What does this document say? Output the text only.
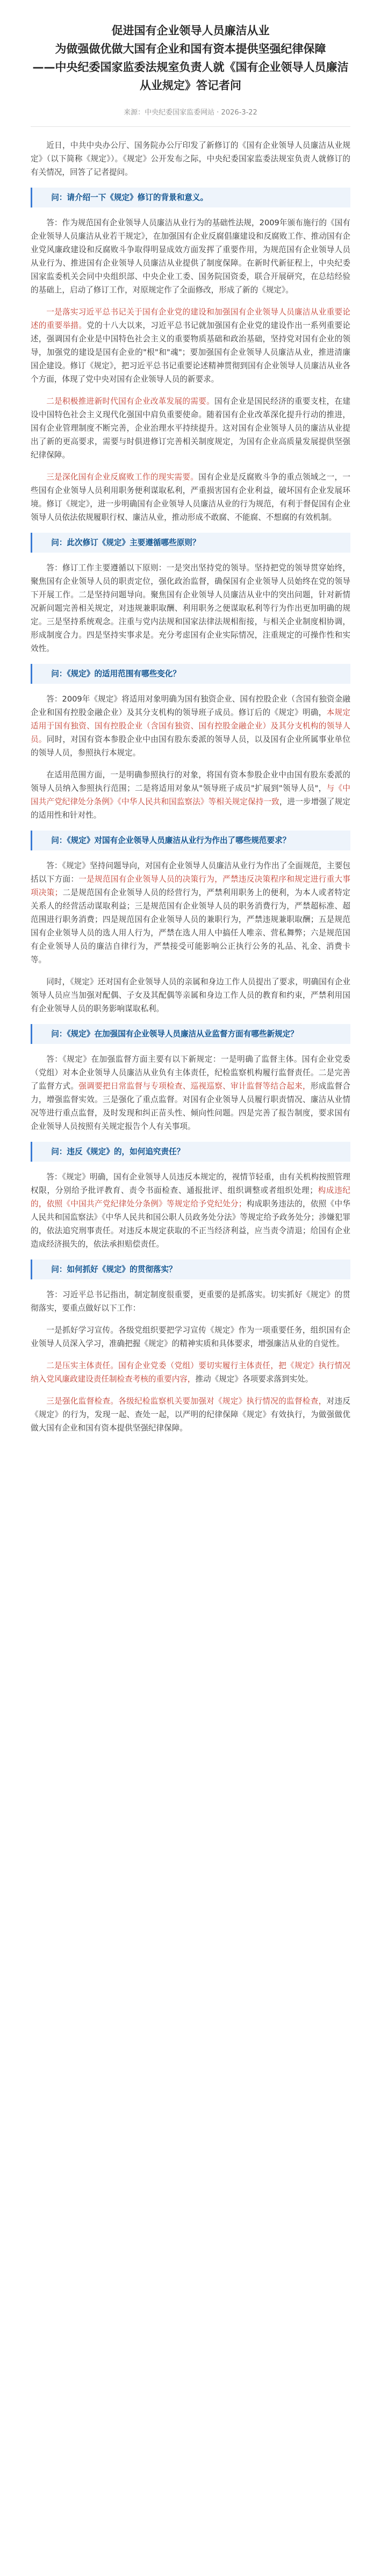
促进国有企业领导人员廉洁从业
为做强做优做大国有企业和国有资本提供坚强纪律保障
——中央纪委国家监委法规室负责人就《国有企业领导人员廉洁从业规定》答记者问
来源：中央纪委国家监委网站 · 2026-3-22

近日，中共中央办公厅、国务院办公厅印发了新修订的《国有企业领导人员廉洁从业规定》（以下简称《规定》）。《规定》公开发布之际，中央纪委国家监委法规室负责人就修订的有关情况，回答了记者提问。

问：请介绍一下《规定》修订的背景和意义。

答：作为规范国有企业领导人员廉洁从业行为的基础性法规，2009年颁布施行的《国有企业领导人员廉洁从业若干规定》，在加强国有企业反腐倡廉建设和反腐败工作、推动国有企业党风廉政建设和反腐败斗争取得明显成效方面发挥了重要作用，为规范国有企业领导人员从业行为、推进国有企业领导人员廉洁从业提供了制度保障。在新时代新征程上，中央纪委国家监委机关会同中央组织部、中央企业工委、国务院国资委，联合开展研究，在总结经验的基础上，启动了修订工作，对原规定作了全面修改，形成了新的《规定》。

一是落实习近平总书记关于国有企业党的建设和加强国有企业领导人员廉洁从业重要论述的重要举措。党的十八大以来，习近平总书记就加强国有企业党的建设作出一系列重要论述，强调国有企业是中国特色社会主义的重要物质基础和政治基础，坚持党对国有企业的领导，加强党的建设是国有企业的"根"和"魂"；要加强国有企业领导人员廉洁从业，推进清廉国企建设。修订《规定》，把习近平总书记重要论述精神贯彻到国有企业领导人员廉洁从业各个方面，体现了党中央对国有企业领导人员的新要求。

二是积极推进新时代国有企业改革发展的需要。国有企业是国民经济的重要支柱，在建设中国特色社会主义现代化强国中肩负重要使命。随着国有企业改革深化提升行动的推进，国有企业管理制度不断完善，企业治理水平持续提升。这对国有企业领导人员的廉洁从业提出了新的更高要求，需要与时俱进修订完善相关制度规定，为国有企业高质量发展提供坚强纪律保障。

三是深化国有企业反腐败工作的现实需要。国有企业是反腐败斗争的重点领域之一，一些国有企业领导人员利用职务便利谋取私利，严重损害国有企业利益，破坏国有企业发展环境。修订《规定》，进一步明确国有企业领导人员廉洁从业的行为规范，有利于督促国有企业领导人员依法依规履职行权、廉洁从业，推动形成不敢腐、不能腐、不想腐的有效机制。

问：此次修订《规定》主要遵循哪些原则？

答：修订工作主要遵循以下原则：一是突出坚持党的领导。坚持把党的领导贯穿始终，聚焦国有企业领导人员的职责定位，强化政治监督，确保国有企业领导人员始终在党的领导下开展工作。二是坚持问题导向。聚焦国有企业领导人员廉洁从业中的突出问题，针对新情况新问题完善相关规定，对违规兼职取酬、利用职务之便谋取私利等行为作出更加明确的规定。三是坚持系统观念。注重与党内法规和国家法律法规相衔接，与相关企业制度相协调，形成制度合力。四是坚持实事求是。充分考虑国有企业实际情况，注重规定的可操作性和实效性。

问：《规定》的适用范围有哪些变化？

答：2009年《规定》将适用对象明确为国有独资企业、国有控股企业（含国有独资金融企业和国有控股金融企业）及其分支机构的领导班子成员。修订后的《规定》明确，本规定适用于国有独资、国有控股企业（含国有独资、国有控股金融企业）及其分支机构的领导人员。同时，对国有资本参股企业中由国有股东委派的领导人员，以及国有企业所属事业单位的领导人员，参照执行本规定。

在适用范围方面，一是明确参照执行的对象，将国有资本参股企业中由国有股东委派的领导人员纳入参照执行范围；二是将适用对象从"领导班子成员"扩展到"领导人员"，与《中国共产党纪律处分条例》《中华人民共和国监察法》等相关规定保持一致，进一步增强了规定的适用性和针对性。

问：《规定》对国有企业领导人员廉洁从业行为作出了哪些规范要求？

答：《规定》坚持问题导向，对国有企业领导人员廉洁从业行为作出了全面规范，主要包括以下方面：一是规范国有企业领导人员的决策行为，严禁违反决策程序和规定进行重大事项决策；二是规范国有企业领导人员的经营行为，严禁利用职务上的便利，为本人或者特定关系人的经营活动谋取利益；三是规范国有企业领导人员的职务消费行为，严禁超标准、超范围进行职务消费；四是规范国有企业领导人员的兼职行为，严禁违规兼职取酬；五是规范国有企业领导人员的选人用人行为，严禁在选人用人中搞任人唯亲、营私舞弊；六是规范国有企业领导人员的廉洁自律行为，严禁接受可能影响公正执行公务的礼品、礼金、消费卡等。

同时，《规定》还对国有企业领导人员的亲属和身边工作人员提出了要求，明确国有企业领导人员应当加强对配偶、子女及其配偶等亲属和身边工作人员的教育和约束，严禁利用国有企业领导人员的职务影响谋取私利。

问：《规定》在加强国有企业领导人员廉洁从业监督方面有哪些新规定？

答：《规定》在加强监督方面主要有以下新规定：一是明确了监督主体。国有企业党委（党组）对本企业领导人员廉洁从业负有主体责任，纪检监察机构履行监督责任。二是完善了监督方式。强调要把日常监督与专项检查、巡视巡察、审计监督等结合起来，形成监督合力，增强监督实效。三是强化了重点监督。对国有企业领导人员履行职责情况、廉洁从业情况等进行重点监督，及时发现和纠正苗头性、倾向性问题。四是完善了报告制度，要求国有企业领导人员按照有关规定报告个人有关事项。

问：违反《规定》的，如何追究责任？

答：《规定》明确，国有企业领导人员违反本规定的，视情节轻重，由有关机构按照管理权限，分别给予批评教育、责令书面检查、通报批评、组织调整或者组织处理；构成违纪的，依照《中国共产党纪律处分条例》等规定给予党纪处分；构成职务违法的，依照《中华人民共和国监察法》《中华人民共和国公职人员政务处分法》等规定给予政务处分；涉嫌犯罪的，依法追究刑事责任。对违反本规定获取的不正当经济利益，应当责令清退；给国有企业造成经济损失的，依法承担赔偿责任。

问：如何抓好《规定》的贯彻落实？

答：习近平总书记指出，制定制度很重要，更重要的是抓落实。切实抓好《规定》的贯彻落实，要重点做好以下工作：

一是抓好学习宣传。各级党组织要把学习宣传《规定》作为一项重要任务，组织国有企业领导人员深入学习，准确把握《规定》的精神实质和具体要求，增强廉洁从业的自觉性。

二是压实主体责任。国有企业党委（党组）要切实履行主体责任，把《规定》执行情况纳入党风廉政建设责任制检查考核的重要内容，推动《规定》各项要求落到实处。

三是强化监督检查。各级纪检监察机关要加强对《规定》执行情况的监督检查，对违反《规定》的行为，发现一起、查处一起，以严明的纪律保障《规定》有效执行，为做强做优做大国有企业和国有资本提供坚强纪律保障。
